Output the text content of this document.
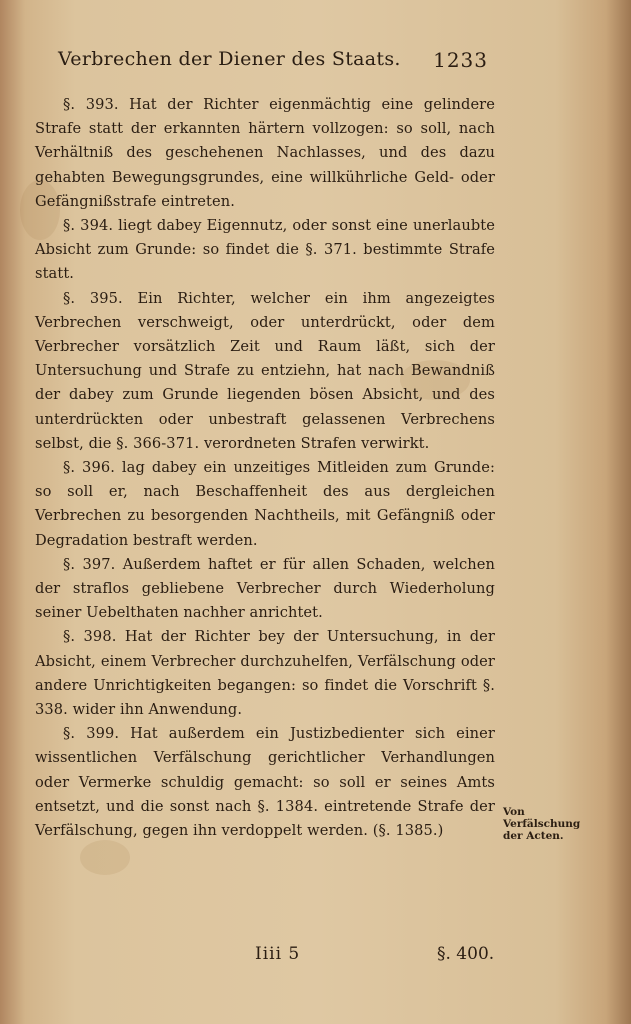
Verbrechen der Diener des Staats. 1233

§. 393. Hat der Richter eigenmächtig eine gelindere Strafe statt der erkannten härtern vollzogen: so soll, nach Verhältniß des geschehenen Nachlasses, und des dazu gehabten Bewegungsgrundes, eine willkührliche Geld- oder Gefängnißstrafe eintreten.

§. 394. liegt dabey Eigennutz, oder sonst eine unerlaubte Absicht zum Grunde: so findet die §. 371. bestimmte Strafe statt.

§. 395. Ein Richter, welcher ein ihm angezeigtes Verbrechen verschweigt, oder unterdrückt, oder dem Verbrecher vorsätzlich Zeit und Raum läßt, sich der Untersuchung und Strafe zu entziehn, hat nach Bewandniß der dabey zum Grunde liegenden bösen Absicht, und des unterdrückten oder unbestraft gelassenen Verbrechens selbst, die §. 366-371. verordneten Strafen verwirkt.

§. 396. lag dabey ein unzeitiges Mitleiden zum Grunde: so soll er, nach Beschaffenheit des aus dergleichen Verbrechen zu besorgenden Nachtheils, mit Gefängniß oder Degradation bestraft werden.

§. 397. Außerdem haftet er für allen Schaden, welchen der straflos gebliebene Verbrecher durch Wiederholung seiner Uebelthaten nachher anrichtet.

§. 398. Hat der Richter bey der Untersuchung, in der Absicht, einem Verbrecher durchzuhelfen, Verfälschung oder andere Unrichtigkeiten begangen: so findet die Vorschrift §. 338. wider ihn Anwendung.

§. 399. Hat außerdem ein Justizbedienter sich einer wissentlichen Verfälschung gerichtlicher Verhandlungen oder Vermerke schuldig gemacht: so soll er seines Amts entsetzt, und die sonst nach §. 1384. eintretende Strafe der Verfälschung, gegen ihn verdoppelt werden. (§. 1385.)

Von Verfälschung der Acten.
Iiii 5	§. 400.
